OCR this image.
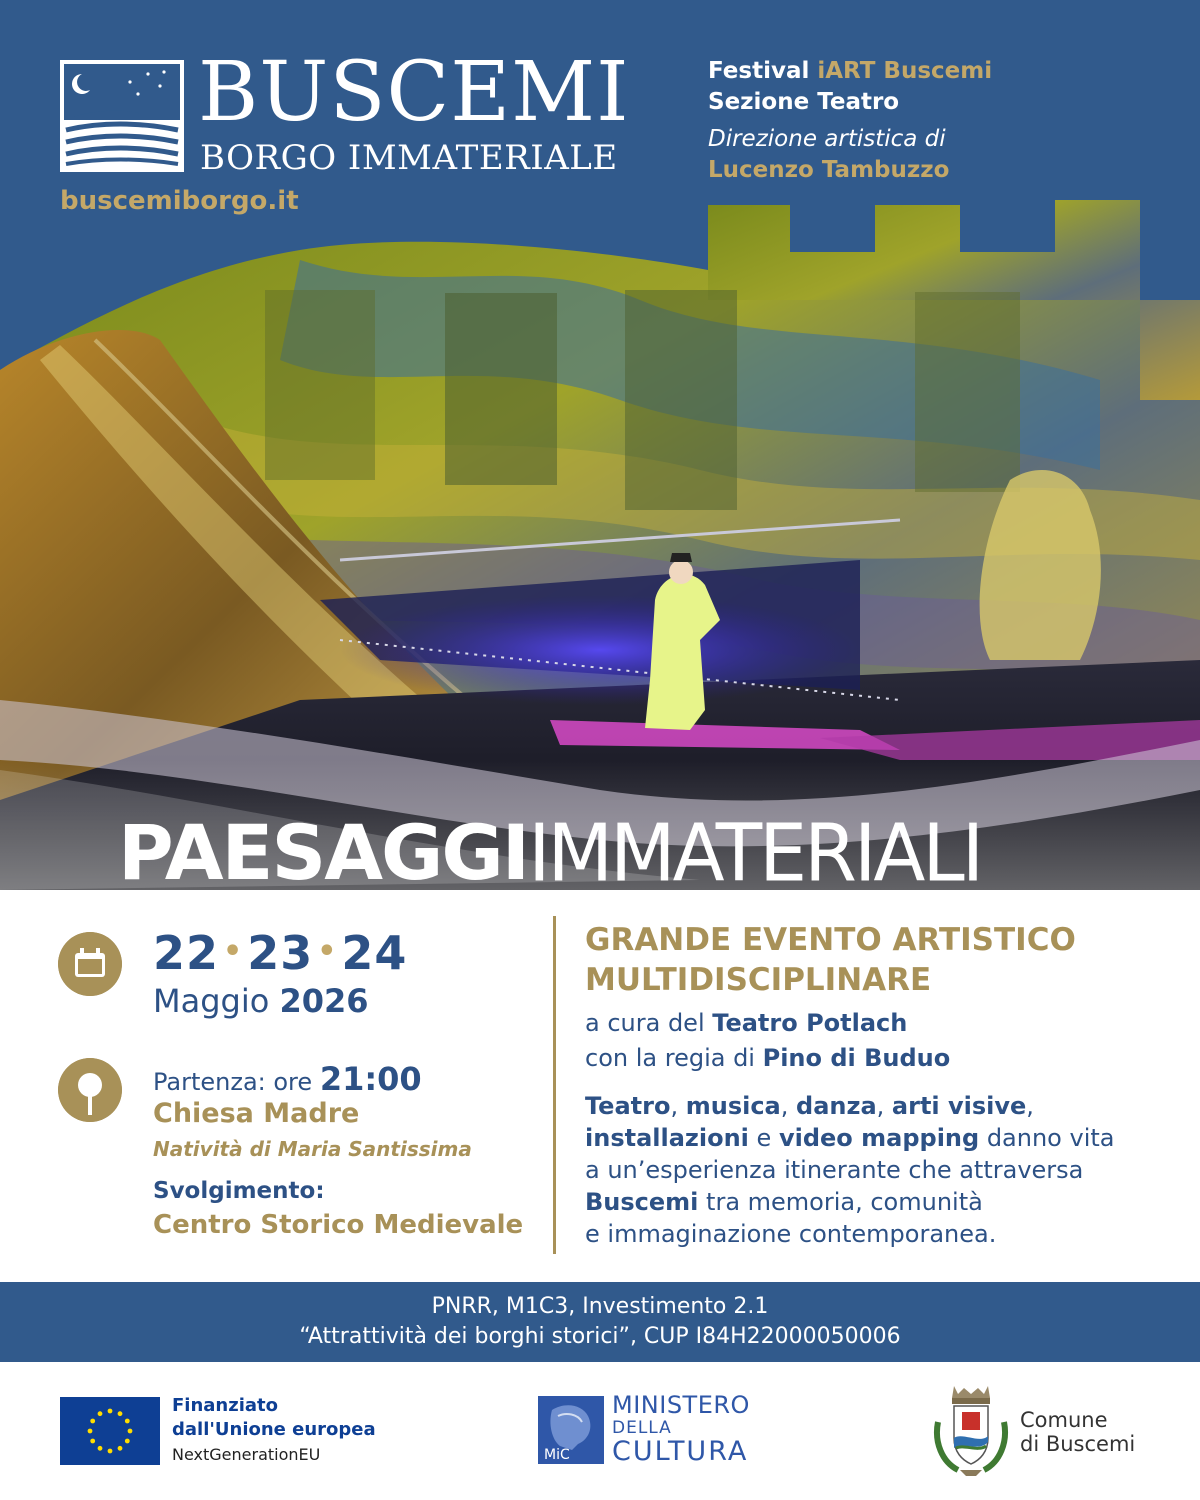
BUSCEMI
BORGO IMMATERIALE
buscemiborgo.it
Festival iART Buscemi
Sezione Teatro
Direzione artistica di
Lucenzo Tambuzzo
PAESAGGIIMMATERIALI
22 •23 •24
Maggio 2026
Partenza: ore 21:00
Chiesa Madre
Natività di Maria Santissima
Svolgimento:
Centro Storico Medievale
GRANDE EVENTO ARTISTICO
MULTIDISCIPLINARE
a cura del Teatro Potlach
con la regia di Pino di Buduo
Teatro, musica, danza, arti visive,
installazioni e video mapping danno vita
a un’esperienza itinerante che attraversa
Buscemi tra memoria, comunità
e immaginazione contemporanea.
PNRR, M1C3, Investimento 2.1
“Attrattività dei borghi storici”, CUP I84H22000050006
Finanziato
dall'Unione europea
NextGenerationEU	MiC
MINISTERO
DELLA
CULTURA
Comune
di Buscemi
